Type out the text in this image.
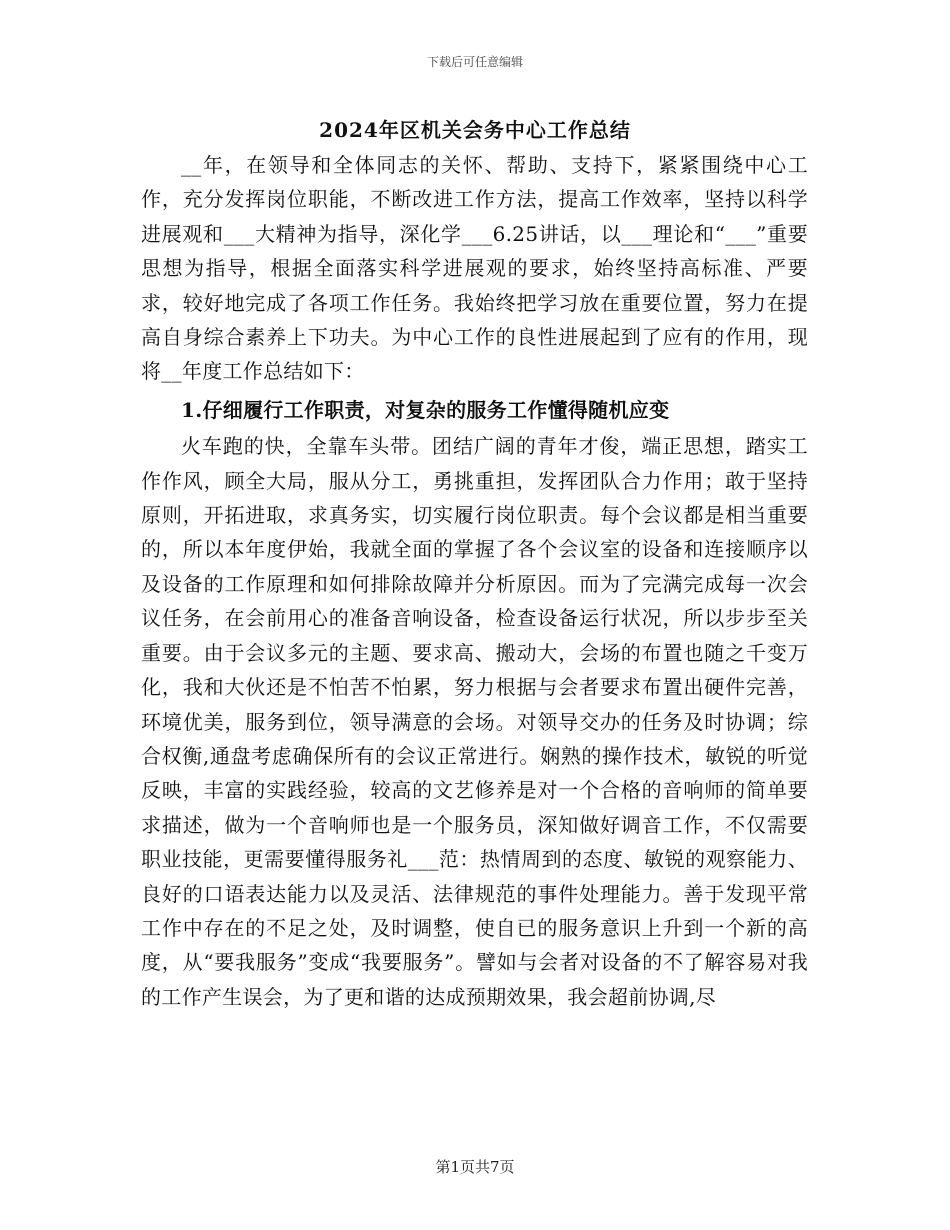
下载后可任意编辑
2024年区机关会务中心工作总结

__年，在领导和全体同志的关怀、帮助、支持下，紧紧围绕中心工作，充分发挥岗位职能，不断改进工作方法，提高工作效率，坚持以科学进展观和___大精神为指导，深化学___6.25讲话，以___理论和“___”重要思想为指导，根据全面落实科学进展观的要求，始终坚持高标准、严要求，较好地完成了各项工作任务。我始终把学习放在重要位置，努力在提高自身综合素养上下功夫。为中心工作的良性进展起到了应有的作用，现将__年度工作总结如下：

1.仔细履行工作职责，对复杂的服务工作懂得随机应变

火车跑的快，全靠车头带。团结广阔的青年才俊，端正思想，踏实工作作风，顾全大局，服从分工，勇挑重担，发挥团队合力作用；敢于坚持原则，开拓进取，求真务实，切实履行岗位职责。每个会议都是相当重要的，所以本年度伊始，我就全面的掌握了各个会议室的设备和连接顺序以及设备的工作原理和如何排除故障并分析原因。而为了完满完成每一次会议任务，在会前用心的准备音响设备，检查设备运行状况，所以步步至关重要。由于会议多元的主题、要求高、搬动大，会场的布置也随之千变万化，我和大伙还是不怕苦不怕累，努力根据与会者要求布置出硬件完善，环境优美，服务到位，领导满意的会场。对领导交办的任务及时协调；综合权衡,通盘考虑确保所有的会议正常进行。娴熟的操作技术，敏锐的听觉反映，丰富的实践经验，较高的文艺修养是对一个合格的音响师的简单要求描述，做为一个音响师也是一个服务员，深知做好调音工作，不仅需要职业技能，更需要懂得服务礼___范：热情周到的态度、敏锐的观察能力、良好的口语表达能力以及灵活、法律规范的事件处理能力。善于发现平常工作中存在的不足之处，及时调整，使自已的服务意识上升到一个新的高度，从“要我服务”变成“我要服务”。譬如与会者对设备的不了解容易对我的工作产生误会，为了更和谐的达成预期效果，我会超前协调,尽

第1页共7页
